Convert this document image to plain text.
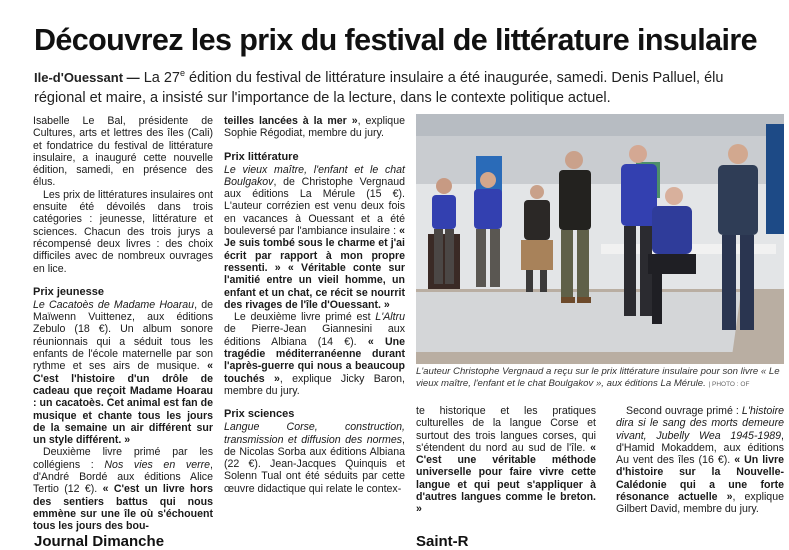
Découvrez les prix du festival de littérature insulaire
Ile-d'Ouessant — La 27e édition du festival de littérature insulaire a été inaugurée, samedi. Denis Palluel, élu régional et maire, a insisté sur l'importance de la lecture, dans le contexte politique actuel.

Isabelle Le Bal, présidente de Cultures, arts et lettres des îles (Cali) et fondatrice du festival de littérature insulaire, a inauguré cette nouvelle édition, samedi, en présence des élus.

Les prix de littératures insulaires ont ensuite été dévoilés dans trois catégories : jeunesse, littérature et sciences. Chacun des trois jurys a récompensé deux livres : des choix difficiles avec de nombreux ouvrages en lice.

Prix jeunesse

Le Cacatoès de Madame Hoarau, de Maïwenn Vuittenez, aux éditions Zebulo (18 €). Un album sonore réunionnais qui a séduit tous les enfants de l'école maternelle par son rythme et ses airs de musique. « C'est l'histoire d'un drôle de cadeau que reçoit Madame Hoarau : un cacatoès. Cet animal est fan de musique et chante tous les jours de la semaine un air différent sur un style différent. »

Deuxième livre primé par les collégiens : Nos vies en verre, d'André Bordé aux éditions Alice Tertio (12 €). « C'est un livre hors des sentiers battus qui nous emmène sur une île où s'échouent tous les jours des bou-

teilles lancées à la mer », explique Sophie Régodiat, membre du jury.

Prix littérature

Le vieux maître, l'enfant et le chat Boulgakov, de Christophe Vergnaud aux éditions La Mérule (15 €). L'auteur corrézien est venu deux fois en vacances à Ouessant et a été bouleversé par l'ambiance insulaire : « Je suis tombé sous le charme et j'ai écrit par rapport à mon propre ressenti. » « Véritable conte sur l'amitié entre un vieil homme, un enfant et un chat, ce récit se nourrit des rivages de l'île d'Ouessant. »

Le deuxième livre primé est L'Altru de Pierre-Jean Giannesini aux éditions Albiana (14 €). « Une tragédie méditerranéenne durant l'après-guerre qui nous a beaucoup touchés », explique Jicky Baron, membre du jury.

Prix sciences

Langue Corse, construction, transmission et diffusion des normes, de Nicolas Sorba aux éditions Albiana (22 €). Jean-Jacques Quinquis et Solenn Tual ont été séduits par cette œuvre didactique qui relate le contex-

L'auteur Christophe Vergnaud a reçu sur le prix littérature insulaire pour son livre « Le vieux maître, l'enfant et le chat Boulgakov », aux éditions La Mérule. | PHOTO : OF

te historique et les pratiques culturelles de la langue Corse et surtout des trois langues corses, qui s'étendent du nord au sud de l'île. « C'est une véritable méthode universelle pour faire vivre cette langue et qui peut s'appliquer à d'autres langues comme le breton. »

Second ouvrage primé : L'histoire dira si le sang des morts demeure vivant, Jubelly Wea 1945-1989, d'Hamid Mokaddem, aux éditions Au vent des îles (16 €). « Un livre d'histoire sur la Nouvelle-Calédonie qui a une forte résonance actuelle », explique Gilbert David, membre du jury.

Journal Dimanche	Saint-R
